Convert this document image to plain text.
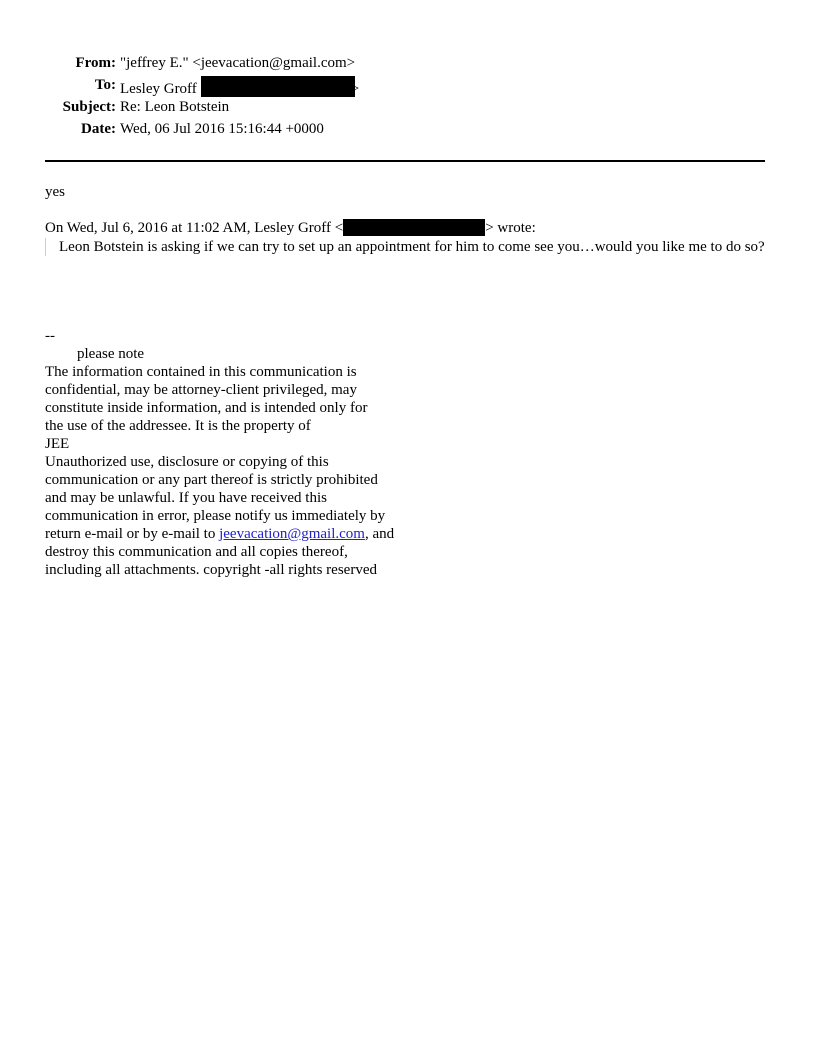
From: "jeffrey E." <jeevacation@gmail.com>
To: Lesley Groff	>
Subject: Re: Leon Botstein
Date: Wed, 06 Jul 2016 15:16:44 +0000

yes

On Wed, Jul 6, 2016 at 11:02 AM, Lesley Groff <	> wrote:

Leon Botstein is asking if we can try to set up an appointment for him to come see you…would you like me to do so?

--

please note

The information contained in this communication is

confidential, may be attorney-client privileged, may

constitute inside information, and is intended only for

the use of the addressee. It is the property of

JEE

Unauthorized use, disclosure or copying of this

communication or any part thereof is strictly prohibited

and may be unlawful. If you have received this

communication in error, please notify us immediately by

return e-mail or by e-mail to jeevacation@gmail.com, and

destroy this communication and all copies thereof,

including all attachments. copyright -all rights reserved
